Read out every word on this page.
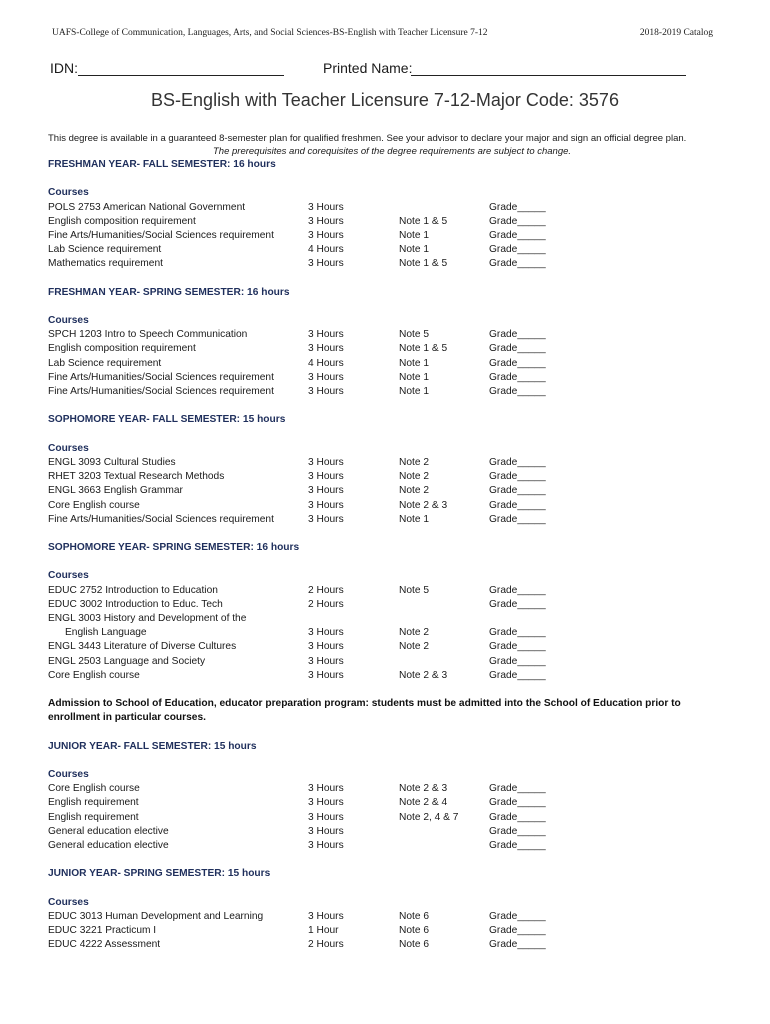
UAFS-College of Communication, Languages, Arts, and Social Sciences-BS-English with Teacher Licensure 7-12	2018-2019 Catalog
IDN:	Printed Name:
BS-English with Teacher Licensure 7-12-Major Code: 3576
This degree is available in a guaranteed 8-semester plan for qualified freshmen. See your advisor to declare your major and sign an official degree plan.
The prerequisites and corequisites of the degree requirements are subject to change.
FRESHMAN YEAR- FALL SEMESTER: 16 hours
Courses
POLS 2753 American National Government	3 Hours	Grade_____
English composition requirement	3 Hours	Note 1 & 5	Grade_____
Fine Arts/Humanities/Social Sciences requirement	3 Hours	Note 1	Grade_____
Lab Science requirement	4 Hours	Note 1	Grade_____
Mathematics requirement	3 Hours	Note 1 & 5	Grade_____
FRESHMAN YEAR- SPRING SEMESTER: 16 hours
Courses
SPCH 1203 Intro to Speech Communication	3 Hours	Note 5	Grade_____
English composition requirement	3 Hours	Note 1 & 5	Grade_____
Lab Science requirement	4 Hours	Note 1	Grade_____
Fine Arts/Humanities/Social Sciences requirement	3 Hours	Note 1	Grade_____
Fine Arts/Humanities/Social Sciences requirement	3 Hours	Note 1	Grade_____
SOPHOMORE YEAR- FALL SEMESTER: 15 hours
Courses
ENGL 3093 Cultural Studies	3 Hours	Note 2	Grade_____
RHET 3203 Textual Research Methods	3 Hours	Note 2	Grade_____
ENGL 3663 English Grammar	3 Hours	Note 2	Grade_____
Core English course	3 Hours	Note 2 & 3	Grade_____
Fine Arts/Humanities/Social Sciences requirement	3 Hours	Note 1	Grade_____
SOPHOMORE YEAR- SPRING SEMESTER: 16 hours
Courses
EDUC 2752 Introduction to Education	2 Hours	Note 5	Grade_____
EDUC 3002 Introduction to Educ. Tech	2 Hours	Grade_____
ENGL 3003 History and Development of the
English Language	3 Hours	Note 2	Grade_____
ENGL 3443 Literature of Diverse Cultures	3 Hours	Note 2	Grade_____
ENGL 2503 Language and Society	3 Hours	Grade_____
Core English course	3 Hours	Note 2 & 3	Grade_____
Admission to School of Education, educator preparation program: students must be admitted into the School of Education prior to enrollment in particular courses.
JUNIOR YEAR- FALL SEMESTER: 15 hours
Courses
Core English course	3 Hours	Note 2 & 3	Grade_____
English requirement	3 Hours	Note 2 & 4	Grade_____
English requirement	3 Hours	Note 2, 4 & 7	Grade_____
General education elective	3 Hours	Grade_____
General education elective	3 Hours	Grade_____
JUNIOR YEAR- SPRING SEMESTER: 15 hours
Courses
EDUC 3013 Human Development and Learning	3 Hours	Note 6	Grade_____
EDUC 3221 Practicum I	1 Hour	Note 6	Grade_____
EDUC 4222 Assessment	2 Hours	Note 6	Grade_____
